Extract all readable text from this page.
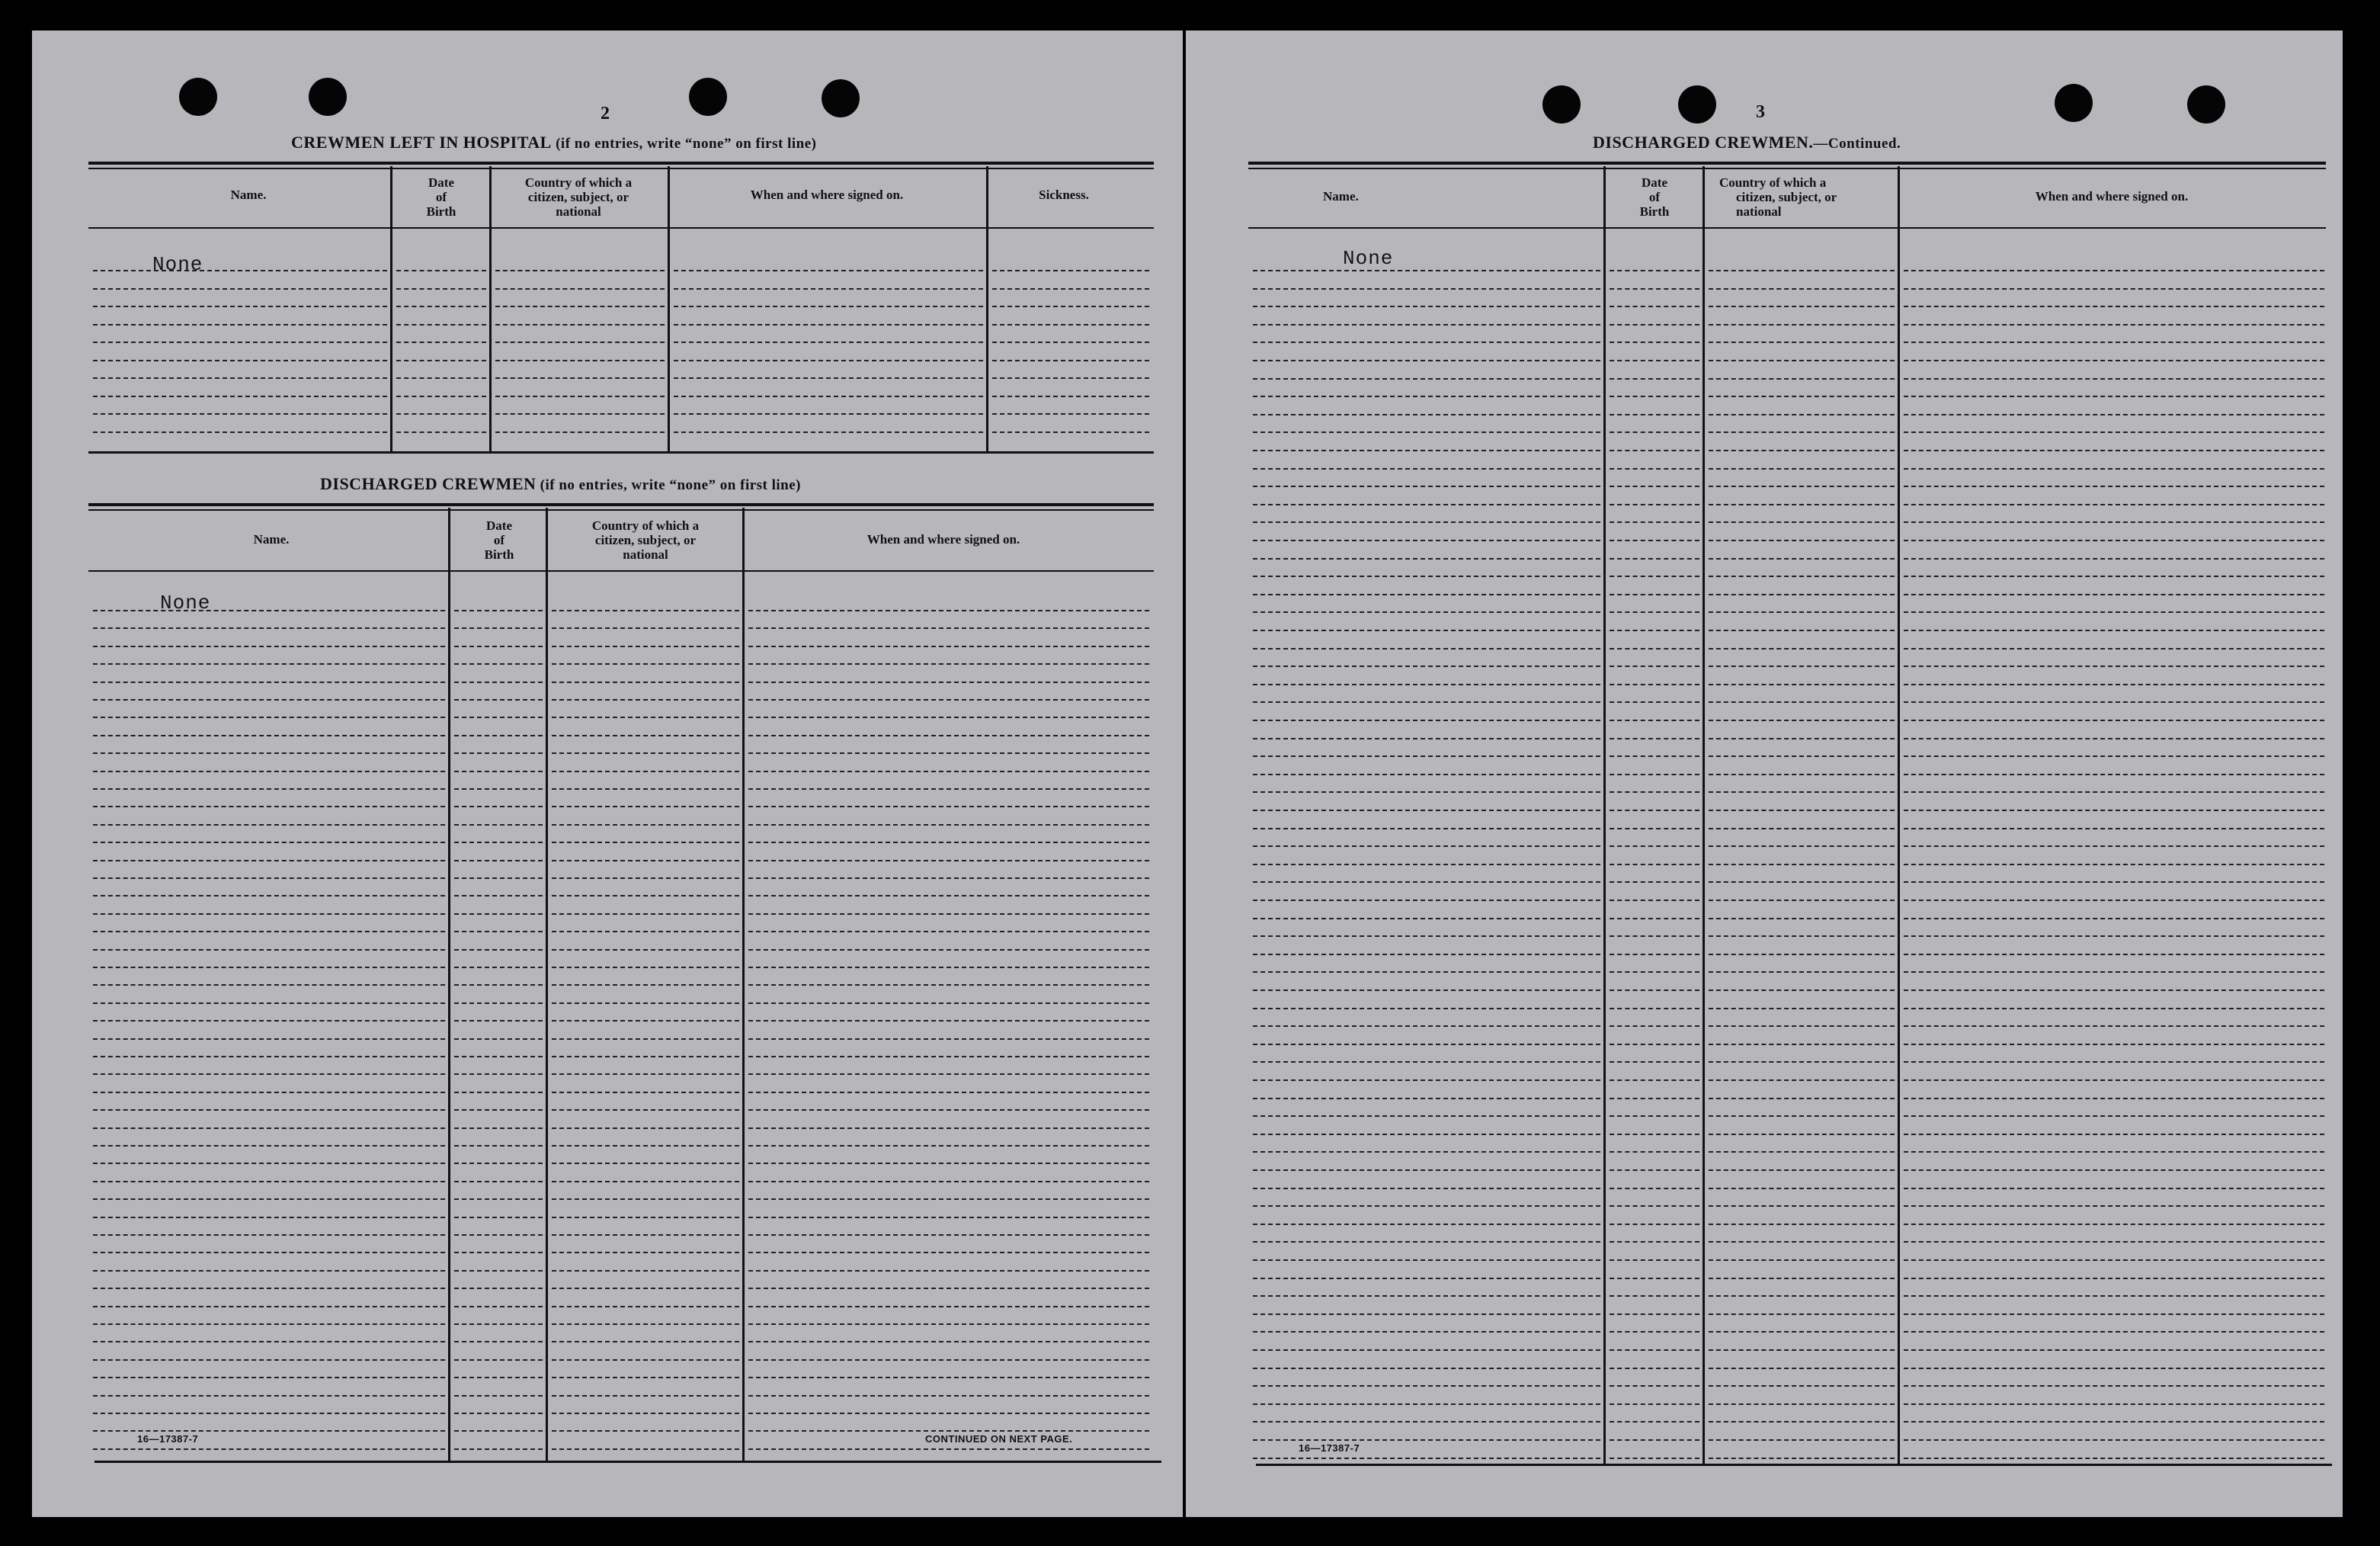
2
CREWMEN LEFT IN HOSPITAL (if no entries, write “none” on first line)
Name.
Date
of
Birth
Country of which a
citizen, subject, or
national
When and where signed on.	Sickness.
None
DISCHARGED CREWMEN (if no entries, write “none” on first line)
Name.
Date
of
Birth
Country of which a
citizen, subject, or
national
When and where signed on.
None
16—17387-7	CONTINUED ON NEXT PAGE.
3
DISCHARGED CREWMEN.—Continued.
Name.
Date
of
Birth
Country of which a
citizen, subject, or
national
When and where signed on.
None
16—17387-7
